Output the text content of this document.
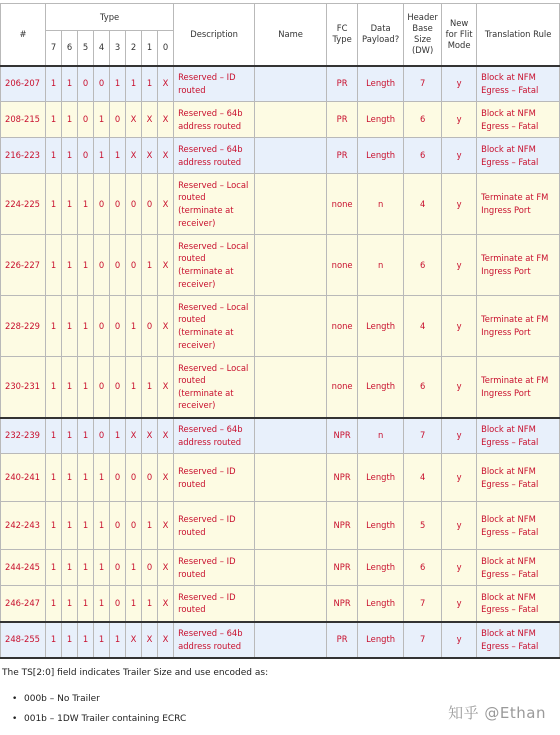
#	Type								Description	Name	FC Type	Data Payload?	Header Base Size (DW)	New for Flit Mode	Translation Rule
	7	6	5	4	3	2	1	0							
206-207	1	1	0	0	1	1	1	X	Reserved – ID routed		PR	Length	7	y	Block at NFM Egress – Fatal
208-215	1	1	0	1	0	X	X	X	Reserved – 64b address routed		PR	Length	6	y	Block at NFM Egress – Fatal
216-223	1	1	0	1	1	X	X	X	Reserved – 64b address routed		PR	Length	6	y	Block at NFM Egress – Fatal
224-225	1	1	1	0	0	0	0	X	Reserved – Local routed (terminate at receiver)		none	n	4	y	Terminate at FM Ingress Port
226-227	1	1	1	0	0	0	1	X	Reserved – Local routed (terminate at receiver)		none	n	6	y	Terminate at FM Ingress Port
228-229	1	1	1	0	0	1	0	X	Reserved – Local routed (terminate at receiver)		none	Length	4	y	Terminate at FM Ingress Port
230-231	1	1	1	0	0	1	1	X	Reserved – Local routed (terminate at receiver)		none	Length	6	y	Terminate at FM Ingress Port
232-239	1	1	1	0	1	X	X	X	Reserved – 64b address routed		NPR	n	7	y	Block at NFM Egress – Fatal
240-241	1	1	1	1	0	0	0	X	Reserved – ID routed		NPR	Length	4	y	Block at NFM Egress – Fatal
242-243	1	1	1	1	0	0	1	X	Reserved – ID routed		NPR	Length	5	y	Block at NFM Egress – Fatal
244-245	1	1	1	1	0	1	0	X	Reserved – ID routed		NPR	Length	6	y	Block at NFM Egress – Fatal
246-247	1	1	1	1	0	1	1	X	Reserved – ID routed		NPR	Length	7	y	Block at NFM Egress – Fatal
248-255	1	1	1	1	1	X	X	X	Reserved – 64b address routed		PR	Length	7	y	Block at NFM Egress – Fatal
The TS[2:0] field indicates Trailer Size and use encoded as:
• 000b – No Trailer
• 001b – 1DW Trailer containing ECRC	知乎 @Ethan
